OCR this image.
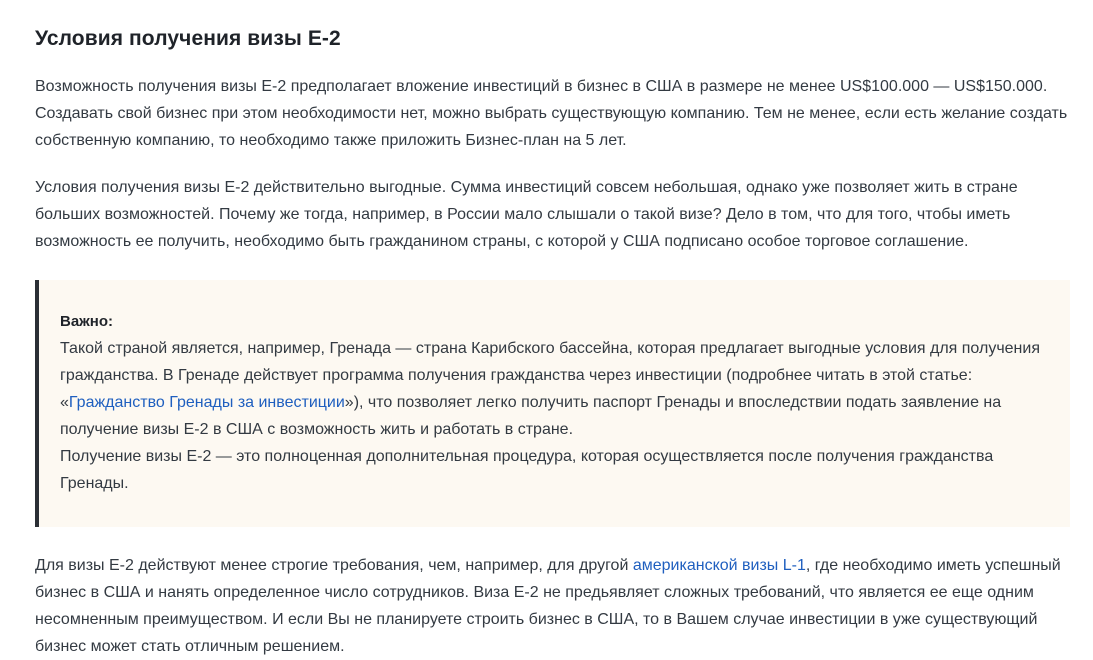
Условия получения визы Е-2

Возможность получения визы Е-2 предполагает вложение инвестиций в бизнес в США в размере не менее US$100.000 — US$150.000. Создавать свой бизнес при этом необходимости нет, можно выбрать существующую компанию. Тем не менее, если есть желание создать собственную компанию, то необходимо также приложить Бизнес-план на 5 лет.

Условия получения визы Е-2 действительно выгодные. Сумма инвестиций совсем небольшая, однако уже позволяет жить в стране больших возможностей. Почему же тогда, например, в России мало слышали о такой визе? Дело в том, что для того, чтобы иметь возможность ее получить, необходимо быть гражданином страны, с которой у США подписано особое торговое соглашение.

Важно:

Такой страной является, например, Гренада — страна Карибского бассейна, которая предлагает выгодные условия для получения гражданства. В Гренаде действует программа получения гражданства через инвестиции (подробнее читать в этой статье: «Гражданство Гренады за инвестиции»), что позволяет легко получить паспорт Гренады и впоследствии подать заявление на получение визы Е-2 в США с возможность жить и работать в стране.

Получение визы Е-2 — это полноценная дополнительная процедура, которая осуществляется после получения гражданства Гренады.

Для визы Е-2 действуют менее строгие требования, чем, например, для другой американской визы L-1, где необходимо иметь успешный бизнес в США и нанять определенное число сотрудников. Виза Е-2 не предьявляет сложных требований, что является ее еще одним несомненным преимуществом. И если Вы не планируете строить бизнес в США, то в Вашем случае инвестиции в уже существующий бизнес может стать отличным решением.
